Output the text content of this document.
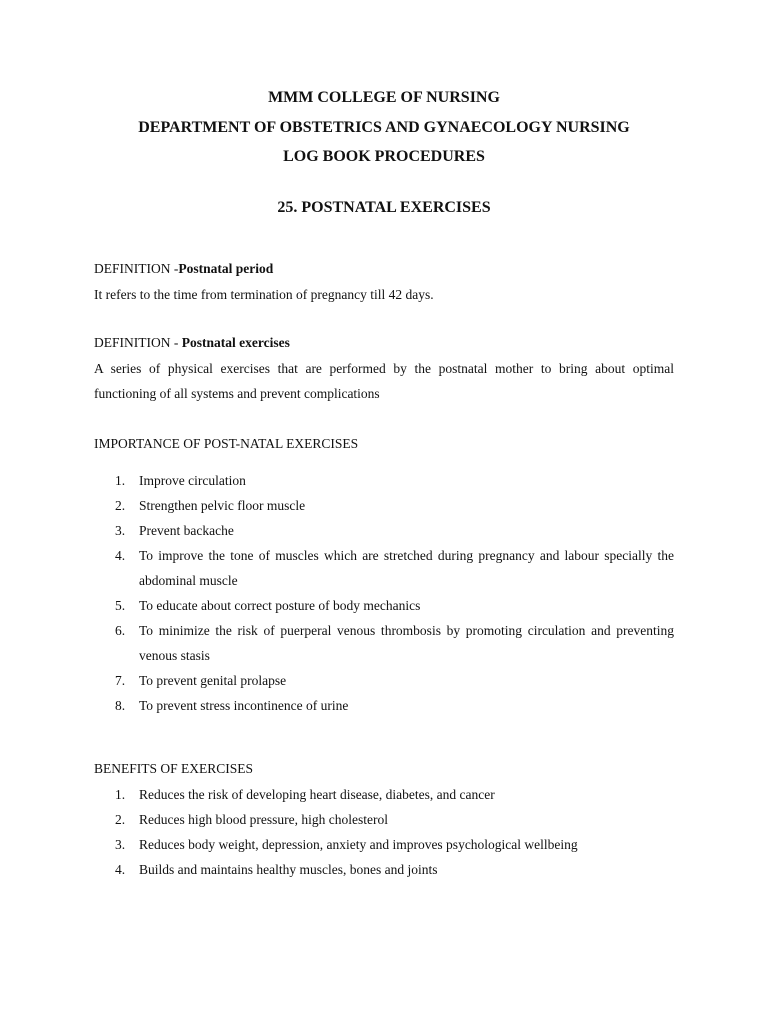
MMM COLLEGE OF NURSING
DEPARTMENT OF OBSTETRICS AND GYNAECOLOGY NURSING
LOG BOOK PROCEDURES
25. POSTNATAL EXERCISES
DEFINITION -Postnatal period
It refers to the time from termination of pregnancy till 42 days.
DEFINITION - Postnatal exercises
A series of physical exercises that are performed by the postnatal mother to bring about optimal functioning of all systems and prevent complications
IMPORTANCE OF POST-NATAL EXERCISES
1. Improve circulation
2. Strengthen pelvic floor muscle
3. Prevent backache
4. To improve the tone of muscles which are stretched during pregnancy and labour specially the abdominal muscle
5. To educate about correct posture of body mechanics
6. To minimize the risk of puerperal venous thrombosis by promoting circulation and preventing venous stasis
7. To prevent genital prolapse
8. To prevent stress incontinence of urine
BENEFITS OF EXERCISES
1. Reduces the risk of developing heart disease, diabetes, and cancer
2. Reduces high blood pressure, high cholesterol
3. Reduces body weight, depression, anxiety and improves psychological wellbeing
4. Builds and maintains healthy muscles, bones and joints
